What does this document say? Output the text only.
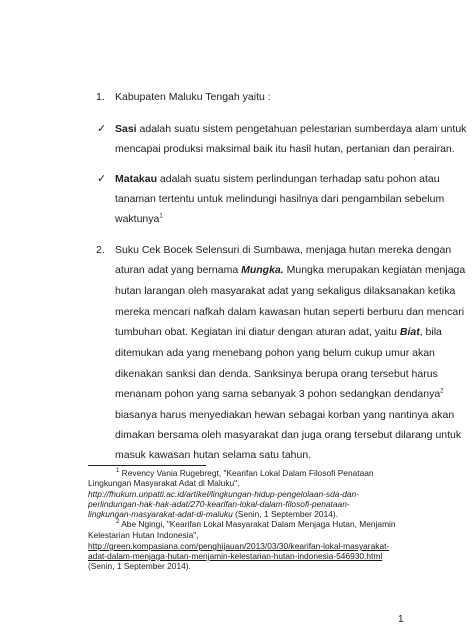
1. Kabupaten Maluku Tengah yaitu :
✓ Sasi adalah suatu sistem pengetahuan pelestarian sumberdaya alam untuk
mencapai produksi maksimal baik itu hasil hutan, pertanian dan perairan.
✓ Matakau adalah suatu sistem perlindungan terhadap satu pohon atau
tanaman tertentu untuk melindungi hasilnya dari pengambilan sebelum
waktunya$^1$
2. Suku Cek Bocek Selensuri di Sumbawa, menjaga hutan mereka dengan
aturan adat yang bernama Mungka. Mungka merupakan kegiatan menjaga
hutan larangan oleh masyarakat adat yang sekaligus dilaksanakan ketika
mereka mencari nafkah dalam kawasan hutan seperti berburu dan mencari
tumbuhan obat. Kegiatan ini diatur dengan aturan adat, yaitu Biat, bila
ditemukan ada yang menebang pohon yang belum cukup umur akan
dikenakan sanksi dan denda. Sanksinya berupa orang tersebut harus
menanam pohon yang sama sebanyak 3 pohon sedangkan dendanya$^2$
biasanya harus menyediakan hewan sebagai korban yang nantinya akan
dimakan bersama oleh masyarakat dan juga orang tersebut dilarang untuk
masuk kawasan hutan selama satu tahun.
$^1$ Revency Vania Rugebregt, "Kearifan Lokal Dalam Filosofi Penataan
Lingkungan Masyarakat Adat di Maluku",
http://fhukum.unpatti.ac.id/artikel/lingkungan-hidup-pengelolaan-sda-dan-
perlindungan-hak-hak-adat/270-kearifan-lokal-dalam-filosofi-penataan-
lingkungan-masyarakat-adat-di-maluku (Senin, 1 September 2014).
$^2$ Abe Ngingi, "Kearifan Lokal Masyarakat Dalam Menjaga Hutan, Menjamin
Kelestarian Hutan Indonesia",
http://green.kompasiana.com/penghijauan/2013/03/30/kearifan-lokal-masyarakat-
adat-dalam-menjaga-hutan-menjamin-kelestarian-hutan-indonesia-546930.html
(Senin, 1 September 2014).
1
